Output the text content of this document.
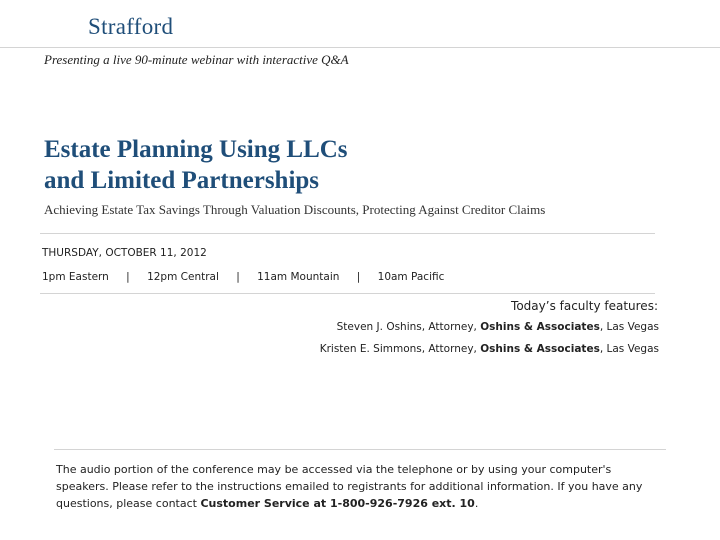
Strafford
Presenting a live 90-minute webinar with interactive Q&A
Estate Planning Using LLCs
and Limited Partnerships
Achieving Estate Tax Savings Through Valuation Discounts, Protecting Against Creditor Claims
THURSDAY, OCTOBER 11, 2012
1pm Eastern | 12pm Central | 11am Mountain | 10am Pacific
Today’s faculty features:
Steven J. Oshins, Attorney, Oshins & Associates, Las Vegas
Kristen E. Simmons, Attorney, Oshins & Associates, Las Vegas
The audio portion of the conference may be accessed via the telephone or by using your computer's speakers. Please refer to the instructions emailed to registrants for additional information. If you have any questions, please contact Customer Service at 1-800-926-7926 ext. 10.
